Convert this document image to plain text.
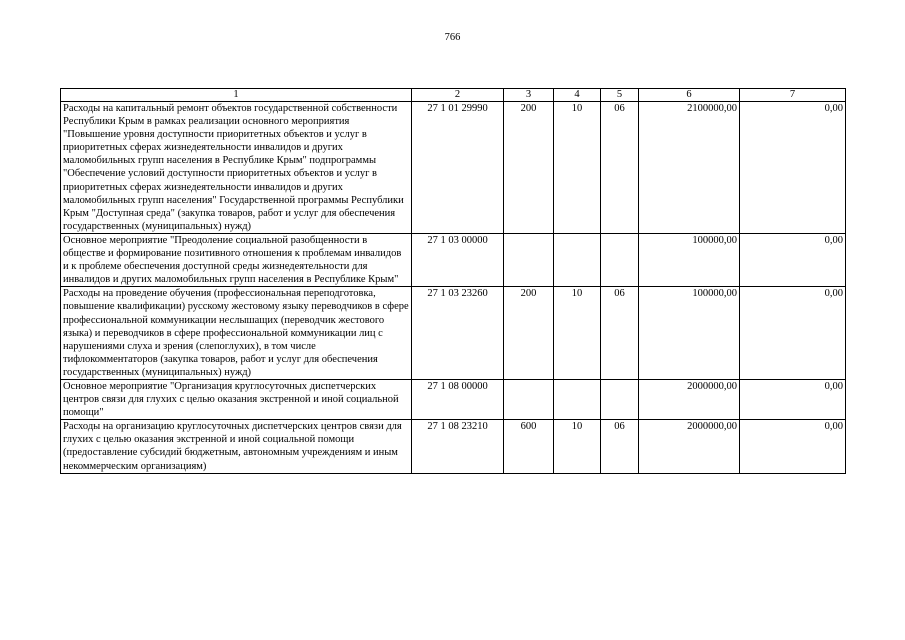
766
1	2	3	4	5	6	7
Расходы на капитальный ремонт объектов государственной собственности Республики Крым в рамках реализации основного мероприятия "Повышение уровня доступности приоритетных объектов и услуг в приоритетных сферах жизнедеятельности инвалидов и других маломобильных групп населения в Республике Крым" подпрограммы "Обеспечение условий доступности приоритетных объектов и услуг в приоритетных сферах жизнедеятельности инвалидов и других маломобильных групп населения" Государственной программы Республики Крым "Доступная среда" (закупка товаров, работ и услуг для обеспечения государственных (муниципальных) нужд)	27 1 01 29990	200	10	06	2100000,00	0,00
Основное мероприятие "Преодоление социальной разобщенности в обществе и формирование позитивного отношения к проблемам инвалидов и к проблеме обеспечения доступной среды жизнедеятельности для инвалидов и других маломобильных групп населения в Республике Крым"	27 1 03 00000				100000,00	0,00
Расходы на проведение обучения (профессиональная переподготовка, повышение квалификации) русскому жестовому языку переводчиков в сфере профессиональной коммуникации неслышащих (переводчик жестового языка) и переводчиков в сфере профессиональной коммуникации лиц с нарушениями слуха и зрения (слепоглухих), в том числе тифлокомментаторов (закупка товаров, работ и услуг для обеспечения государственных (муниципальных) нужд)	27 1 03 23260	200	10	06	100000,00	0,00
Основное мероприятие "Организация круглосуточных диспетчерских центров связи для глухих с целью оказания экстренной и иной социальной помощи"	27 1 08 00000				2000000,00	0,00
Расходы на организацию круглосуточных диспетчерских центров связи для глухих с целью оказания экстренной и иной социальной помощи (предоставление субсидий бюджетным, автономным учреждениям и иным некоммерческим организациям)	27 1 08 23210	600	10	06	2000000,00	0,00
